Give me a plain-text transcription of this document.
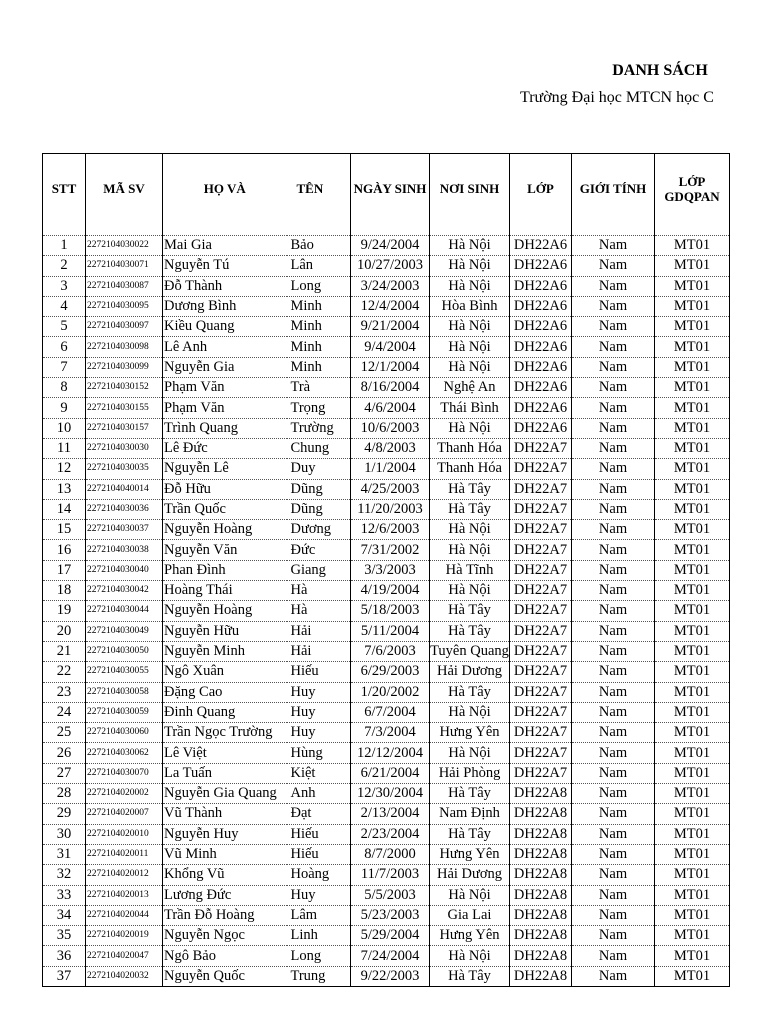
DANH SÁCH
Trường Đại học MTCN học C
STT	MÃ SV	HỌ VÀ	TÊN	NGÀY SINH	NƠI SINH	LỚP	GIỚI TÍNH	LỚP GDQPAN

1	2272104030022	Mai Gia	Bảo	9/24/2004	Hà Nội	DH22A6	Nam	MT01
2	2272104030071	Nguyễn Tú	Lân	10/27/2003	Hà Nội	DH22A6	Nam	MT01
3	2272104030087	Đỗ Thành	Long	3/24/2003	Hà Nội	DH22A6	Nam	MT01
4	2272104030095	Dương Bình	Minh	12/4/2004	Hòa Bình	DH22A6	Nam	MT01
5	2272104030097	Kiều Quang	Minh	9/21/2004	Hà Nội	DH22A6	Nam	MT01
6	2272104030098	Lê Anh	Minh	9/4/2004	Hà Nội	DH22A6	Nam	MT01
7	2272104030099	Nguyễn Gia	Minh	12/1/2004	Hà Nội	DH22A6	Nam	MT01
8	2272104030152	Phạm Văn	Trà	8/16/2004	Nghệ An	DH22A6	Nam	MT01
9	2272104030155	Phạm Văn	Trọng	4/6/2004	Thái Bình	DH22A6	Nam	MT01
10	2272104030157	Trình Quang	Trường	10/6/2003	Hà Nội	DH22A6	Nam	MT01
11	2272104030030	Lê Đức	Chung	4/8/2003	Thanh Hóa	DH22A7	Nam	MT01
12	2272104030035	Nguyễn Lê	Duy	1/1/2004	Thanh Hóa	DH22A7	Nam	MT01
13	2272104040014	Đỗ Hữu	Dũng	4/25/2003	Hà Tây	DH22A7	Nam	MT01
14	2272104030036	Trần Quốc	Dũng	11/20/2003	Hà Tây	DH22A7	Nam	MT01
15	2272104030037	Nguyễn Hoàng	Dương	12/6/2003	Hà Nội	DH22A7	Nam	MT01
16	2272104030038	Nguyễn Văn	Đức	7/31/2002	Hà Nội	DH22A7	Nam	MT01
17	2272104030040	Phan Đình	Giang	3/3/2003	Hà Tĩnh	DH22A7	Nam	MT01
18	2272104030042	Hoàng Thái	Hà	4/19/2004	Hà Nội	DH22A7	Nam	MT01
19	2272104030044	Nguyễn Hoàng	Hà	5/18/2003	Hà Tây	DH22A7	Nam	MT01
20	2272104030049	Nguyễn Hữu	Hải	5/11/2004	Hà Tây	DH22A7	Nam	MT01
21	2272104030050	Nguyễn Minh	Hải	7/6/2003	Tuyên Quang	DH22A7	Nam	MT01
22	2272104030055	Ngô Xuân	Hiếu	6/29/2003	Hải Dương	DH22A7	Nam	MT01
23	2272104030058	Đặng Cao	Huy	1/20/2002	Hà Tây	DH22A7	Nam	MT01
24	2272104030059	Đinh Quang	Huy	6/7/2004	Hà Nội	DH22A7	Nam	MT01
25	2272104030060	Trần Ngọc Trường	Huy	7/3/2004	Hưng Yên	DH22A7	Nam	MT01
26	2272104030062	Lê Việt	Hùng	12/12/2004	Hà Nội	DH22A7	Nam	MT01
27	2272104030070	La Tuấn	Kiệt	6/21/2004	Hải Phòng	DH22A7	Nam	MT01
28	2272104020002	Nguyễn Gia Quang	Anh	12/30/2004	Hà Tây	DH22A8	Nam	MT01
29	2272104020007	Vũ Thành	Đạt	2/13/2004	Nam Định	DH22A8	Nam	MT01
30	2272104020010	Nguyễn Huy	Hiếu	2/23/2004	Hà Tây	DH22A8	Nam	MT01
31	2272104020011	Vũ Minh	Hiếu	8/7/2000	Hưng Yên	DH22A8	Nam	MT01
32	2272104020012	Khổng Vũ	Hoàng	11/7/2003	Hải Dương	DH22A8	Nam	MT01
33	2272104020013	Lương Đức	Huy	5/5/2003	Hà Nội	DH22A8	Nam	MT01
34	2272104020044	Trần Đỗ Hoàng	Lâm	5/23/2003	Gia Lai	DH22A8	Nam	MT01
35	2272104020019	Nguyễn Ngọc	Linh	5/29/2004	Hưng Yên	DH22A8	Nam	MT01
36	2272104020047	Ngô Bảo	Long	7/24/2004	Hà Nội	DH22A8	Nam	MT01
37	2272104020032	Nguyễn Quốc	Trung	9/22/2003	Hà Tây	DH22A8	Nam	MT01
